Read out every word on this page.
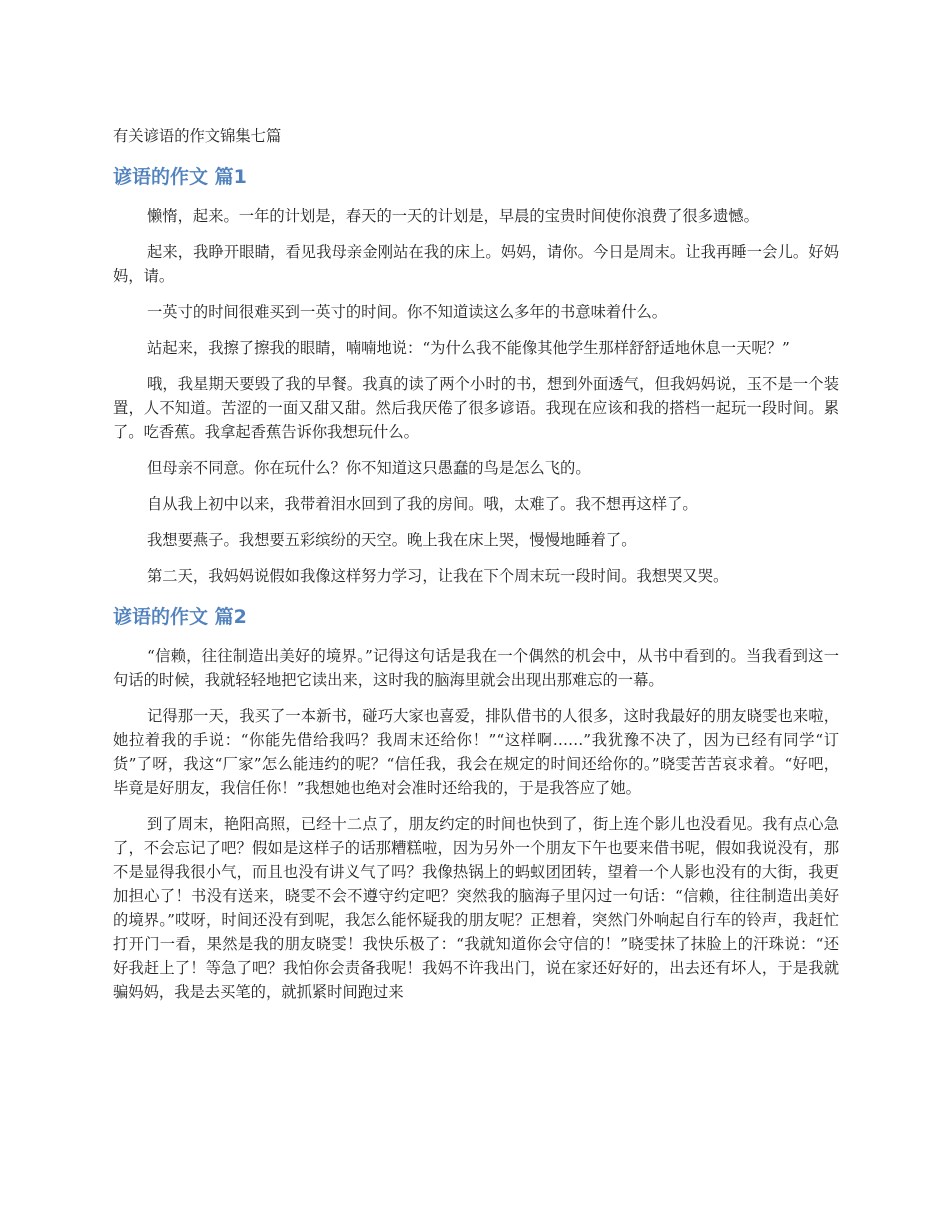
有关谚语的作文锦集七篇

谚语的作文 篇1

懒惰，起来。一年的计划是，春天的一天的计划是，早晨的宝贵时间使你浪费了很多遗憾。

起来，我睁开眼睛，看见我母亲金刚站在我的床上。妈妈，请你。今日是周末。让我再睡一会儿。好妈妈，请。

一英寸的时间很难买到一英寸的时间。你不知道读这么多年的书意味着什么。

站起来，我擦了擦我的眼睛，喃喃地说：“为什么我不能像其他学生那样舒舒适地休息一天呢？”

哦，我星期天要毁了我的早餐。我真的读了两个小时的书，想到外面透气，但我妈妈说，玉不是一个装置，人不知道。苦涩的一面又甜又甜。然后我厌倦了很多谚语。我现在应该和我的搭档一起玩一段时间。累了。吃香蕉。我拿起香蕉告诉你我想玩什么。

但母亲不同意。你在玩什么？你不知道这只愚蠢的鸟是怎么飞的。

自从我上初中以来，我带着泪水回到了我的房间。哦，太难了。我不想再这样了。

我想要燕子。我想要五彩缤纷的天空。晚上我在床上哭，慢慢地睡着了。

第二天，我妈妈说假如我像这样努力学习，让我在下个周末玩一段时间。我想哭又哭。

谚语的作文 篇2

“信赖，往往制造出美好的境界。”记得这句话是我在一个偶然的机会中，从书中看到的。当我看到这一句话的时候，我就轻轻地把它读出来，这时我的脑海里就会出现出那难忘的一幕。

记得那一天，我买了一本新书，碰巧大家也喜爱，排队借书的人很多，这时我最好的朋友晓雯也来啦，她拉着我的手说：“你能先借给我吗？我周末还给你！”“这样啊……”我犹豫不决了，因为已经有同学“订货”了呀，我这“厂家”怎么能违约的呢？“信任我，我会在规定的时间还给你的。”晓雯苦苦哀求着。“好吧，毕竟是好朋友，我信任你！”我想她也绝对会准时还给我的，于是我答应了她。

到了周末，艳阳高照，已经十二点了，朋友约定的时间也快到了，街上连个影儿也没看见。我有点心急了，不会忘记了吧？假如是这样子的话那糟糕啦，因为另外一个朋友下午也要来借书呢，假如我说没有，那不是显得我很小气，而且也没有讲义气了吗？我像热锅上的蚂蚁团团转，望着一个人影也没有的大街，我更加担心了！书没有送来，晓雯不会不遵守约定吧？突然我的脑海子里闪过一句话：“信赖，往往制造出美好的境界。”哎呀，时间还没有到呢，我怎么能怀疑我的朋友呢？正想着，突然门外响起自行车的铃声，我赶忙打开门一看，果然是我的朋友晓雯！我快乐极了：“我就知道你会守信的！”晓雯抹了抹脸上的汗珠说：“还好我赶上了！等急了吧？我怕你会责备我呢！我妈不许我出门，说在家还好好的，出去还有坏人，于是我就骗妈妈，我是去买笔的，就抓紧时间跑过来
